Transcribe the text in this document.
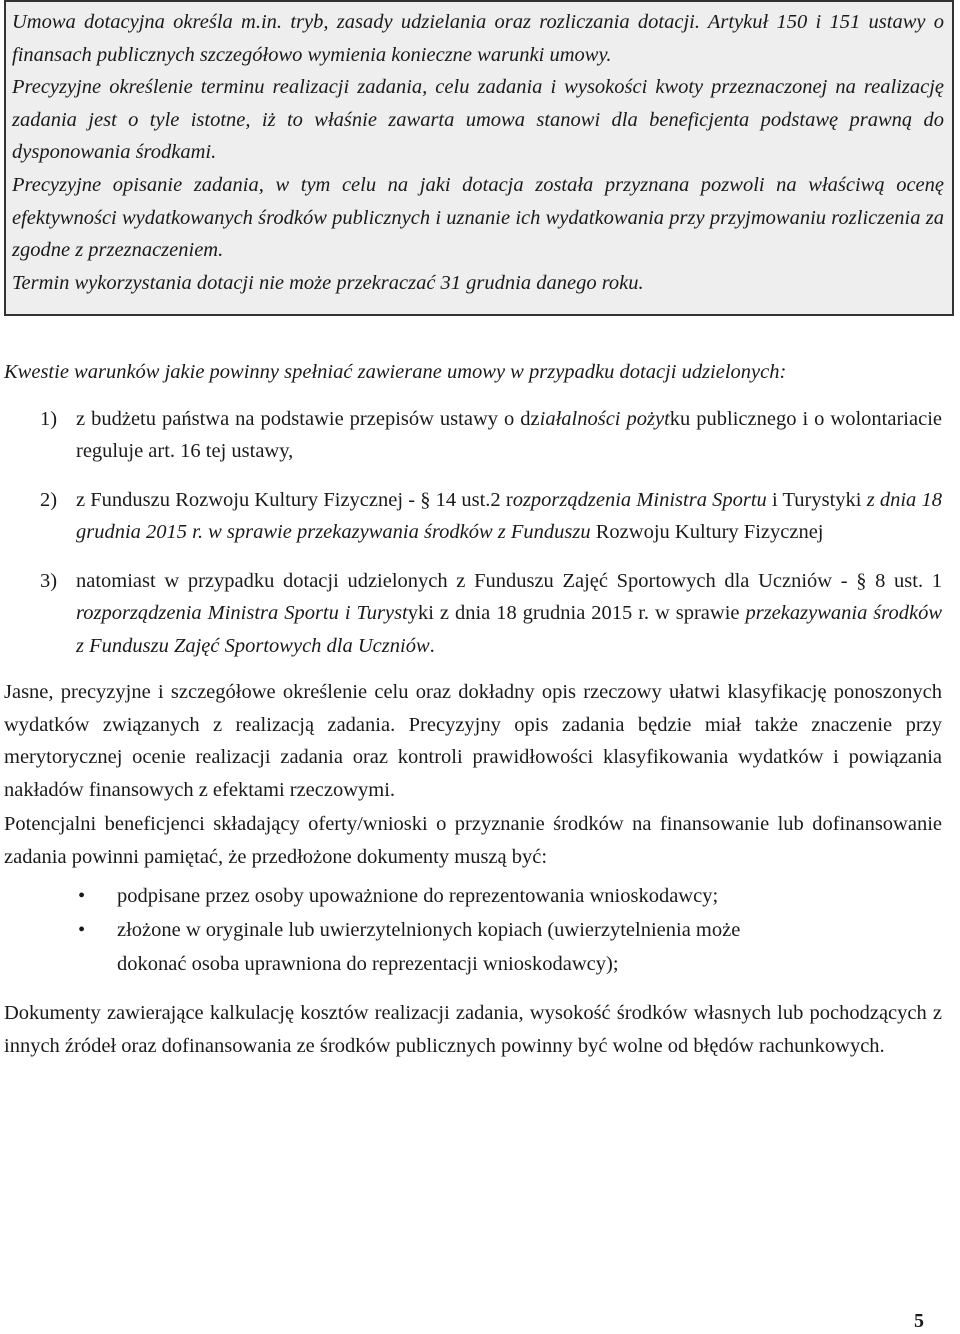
Umowa dotacyjna określa m.in. tryb, zasady udzielania oraz rozliczania dotacji. Artykuł 150 i 151 ustawy o finansach publicznych szczegółowo wymienia konieczne warunki umowy.

Precyzyjne określenie terminu realizacji zadania, celu zadania i wysokości kwoty przeznaczonej na realizację zadania jest o tyle istotne, iż to właśnie zawarta umowa stanowi dla beneficjenta podstawę prawną do dysponowania środkami.

Precyzyjne opisanie zadania, w tym celu na jaki dotacja została przyznana pozwoli na właściwą ocenę efektywności wydatkowanych środków publicznych i uznanie ich wydatkowania przy przyjmowaniu rozliczenia za zgodne z przeznaczeniem.

Termin wykorzystania dotacji nie może przekraczać 31 grudnia danego roku.

Kwestie warunków jakie powinny spełniać zawierane umowy w przypadku dotacji udzielonych:

1) z budżetu państwa na podstawie przepisów ustawy o działalności pożytku publicznego i o wolontariacie reguluje art. 16 tej ustawy,
2) z Funduszu Rozwoju Kultury Fizycznej - § 14 ust.2 rozporządzenia Ministra Sportu i Turystyki z dnia 18 grudnia 2015 r. w sprawie przekazywania środków z Funduszu Rozwoju Kultury Fizycznej
3) natomiast w przypadku dotacji udzielonych z Funduszu Zajęć Sportowych dla Uczniów - § 8 ust. 1 rozporządzenia Ministra Sportu i Turystyki z dnia 18 grudnia 2015 r. w sprawie przekazywania środków z Funduszu Zajęć Sportowych dla Uczniów.

Jasne, precyzyjne i szczegółowe określenie celu oraz dokładny opis rzeczowy ułatwi klasyfikację ponoszonych wydatków związanych z realizacją zadania. Precyzyjny opis zadania będzie miał także znaczenie przy merytorycznej ocenie realizacji zadania oraz kontroli prawidłowości klasyfikowania wydatków i powiązania nakładów finansowych z efektami rzeczowymi.

Potencjalni beneficjenci składający oferty/wnioski o przyznanie środków na finansowanie lub dofinansowanie zadania powinni pamiętać, że przedłożone dokumenty muszą być:

• podpisane przez osoby upoważnione do reprezentowania wnioskodawcy;
• złożone w oryginale lub uwierzytelnionych kopiach (uwierzytelnienia może
dokonać osoba uprawniona do reprezentacji wnioskodawcy);

Dokumenty zawierające kalkulację kosztów realizacji zadania, wysokość środków własnych lub pochodzących z innych źródeł oraz dofinansowania ze środków publicznych powinny być wolne od błędów rachunkowych.

5
